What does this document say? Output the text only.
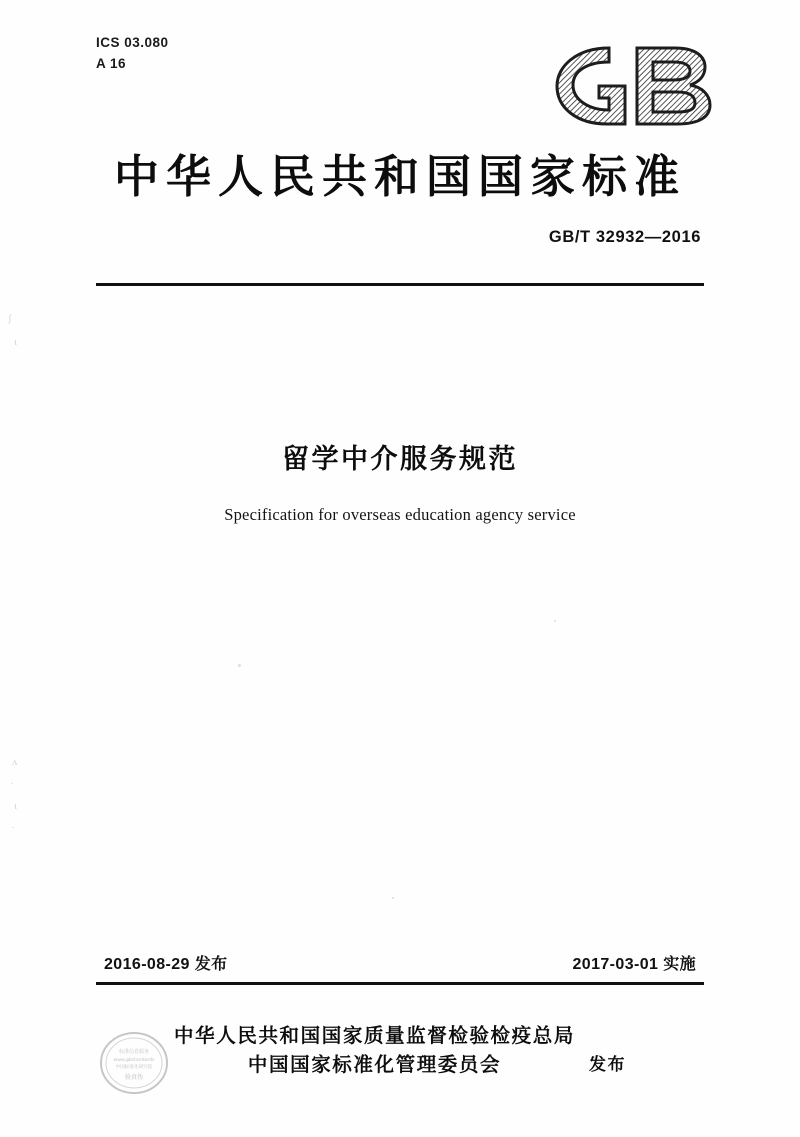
ICS 03.080
A 16
中华人民共和国国家标准
GB/T 32932—2016
留学中介服务规范
Specification for overseas education agency service
2016-08-29 发布	2017-03-01 实施
中华人民共和国国家质量监督检验检疫总局
中国国家标准化管理委员会	发布
标准信息服务
www.gbstandards
中国标准化研究院
验真伪
ʃ
ι
ʌ
·
ι
·
